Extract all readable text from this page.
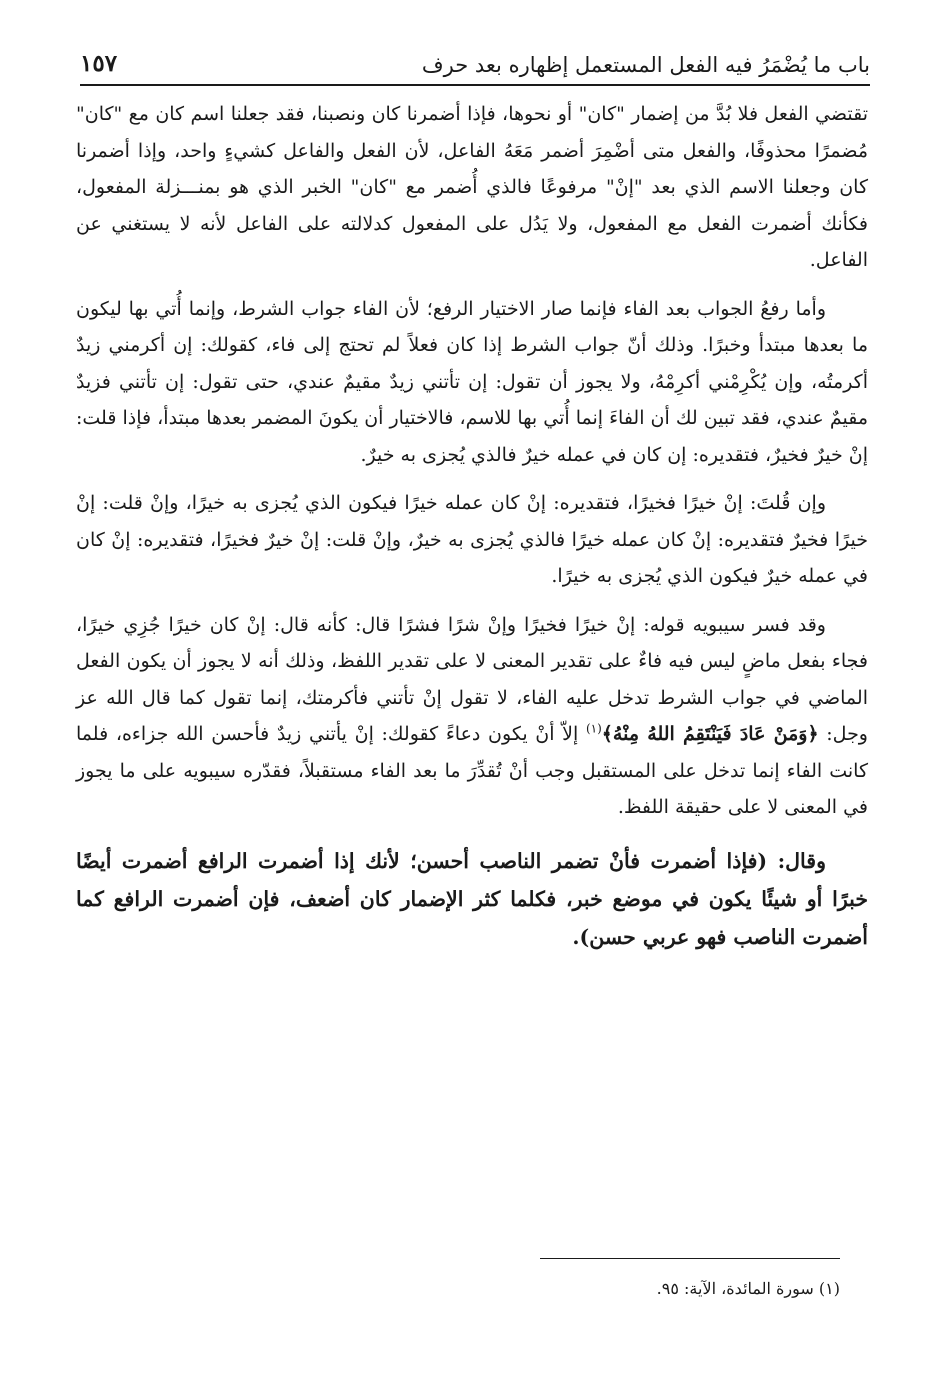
باب ما يُضْمَرُ فيه الفعل المستعمل إظهاره بعد حرف
١٥٧

تقتضي الفعل فلا بُدَّ من إضمار "كان" أو نحوها، فإذا أضمرنا كان ونصبنا، فقد جعلنا اسم كان مع "كان" مُضمرًا محذوفًا، والفعل متى أضْمِرَ أضمر مَعَهُ الفاعل، لأن الفعل والفاعل كشيءٍ واحد، وإذا أضمرنا كان وجعلنا الاسم الذي بعد "إنْ" مرفوعًا فالذي أُضمر مع "كان" الخبر الذي هو بمنـــزلة المفعول، فكأنك أضمرت الفعل مع المفعول، ولا يَدُل على المفعول كدلالته على الفاعل لأنه لا يستغني عن الفاعل.

وأما رفعُ الجواب بعد الفاء فإنما صار الاختيار الرفع؛ لأن الفاء جواب الشرط، وإنما أُتي بها ليكون ما بعدها مبتدأ وخبرًا. وذلك أنّ جواب الشرط إذا كان فعلاً لم تحتج إلى فاء، كقولك: إن أكرمني زيدٌ أكرمتُه، وإن يُكْرِمْني أكرِمْهُ، ولا يجوز أن تقول: إن تأتني زيدٌ مقيمٌ عندي، حتى تقول: إن تأتني فزيدٌ مقيمٌ عندي، فقد تبين لك أن الفاءَ إنما أُتي بها للاسم، فالاختيار أن يكونَ المضمر بعدها مبتدأ، فإذا قلت: إنْ خيرٌ فخيرٌ، فتقديره: إن كان في عمله خيرٌ فالذي يُجزى به خيرٌ.

وإن قُلتَ: إنْ خيرًا فخيرًا، فتقديره: إنْ كان عمله خيرًا فيكون الذي يُجزى به خيرًا، وإنْ قلت: إنْ خيرًا فخيرٌ فتقديره: إنْ كان عمله خيرًا فالذي يُجزى به خيرٌ، وإنْ قلت: إنْ خيرٌ فخيرًا، فتقديره: إنْ كان في عمله خيرٌ فيكون الذي يُجزى به خيرًا.

وقد فسر سيبويه قوله: إنْ خيرًا فخيرًا وإنْ شرًا فشرًا قال: كأنه قال: إنْ كان خيرًا جُزِي خيرًا، فجاء بفعل ماضٍ ليس فيه فاءٌ على تقدير المعنى لا على تقدير اللفظ، وذلك أنه لا يجوز أن يكون الفعل الماضي في جواب الشرط تدخل عليه الفاء، لا تقول إنْ تأتني فأكرمتك، إنما تقول كما قال الله عز وجل: ﴿وَمَنْ عَادَ فَيَنْتَقِمُ اللهُ مِنْهُ﴾$^{(١)}$ إلاّ أنْ يكون دعاءً كقولك: إنْ يأتني زيدٌ فأحسن الله جزاءه، فلما كانت الفاء إنما تدخل على المستقبل وجب أنْ تُقدِّرَ ما بعد الفاء مستقبلاً، فقدّره سيبويه على ما يجوز في المعنى لا على حقيقة اللفظ.

وقال: (فإذا أضمرت فأنْ تضمر الناصب أحسن؛ لأنك إذا أضمرت الرافع أضمرت أيضًا خبرًا أو شيئًا يكون في موضع خبر، فكلما كثر الإضمار كان أضعف، فإن أضمرت الرافع كما أضمرت الناصب فهو عربي حسن).

(١) سورة المائدة، الآية: ٩٥.
